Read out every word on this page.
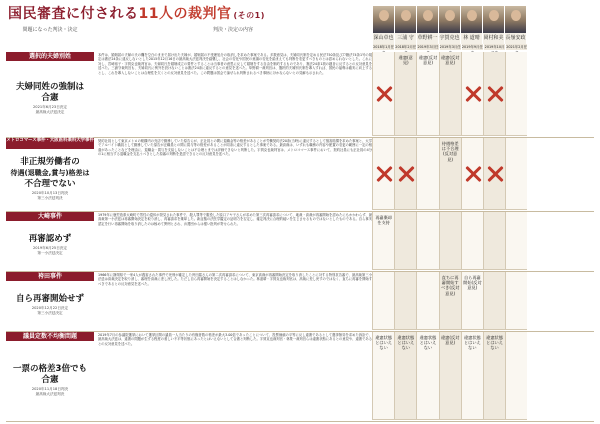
国民審査に付される11人の裁判官 (その1)
問題になった判決・決定	判決・決定の内容
深山卓也 三浦 守 草野耕一 宇賀克也 林 道晴 岡村和美 長嶺安政
2018年1月任 2018年2月任 2019年3月任 2019年3月任 2019年9月任 2019年10月 2021年2月任
選択的夫婦別姓
夫婦同姓の強制は
合憲
2021年6月23日決定
最高裁大法廷決定
本件は、婚姻届の夫婦の氏の欄を空白のままで届け出た夫婦が、婚姻届の不受理処分の取消しを求めた事案である。多数意見は、夫婦同氏制を定める民法750条及び戸籍法74条1号の規定は憲法24条に違反しないとした2015年12月16日の最高裁大法廷判決を踏襲し、社会の変化や国民の意識の変化を踏まえても判断を変更すべきものとは認められないとした。これに対し、宮崎裕子・宇賀克也裁判官は、夫婦同氏を婚姻成立の要件とすることは当事者の意思に反して婚姻をする自由を制約するものであり、憲法24条1項の趣旨に反するとの反対意見を述べた。三浦守裁判官も、夫婦同氏に例外を設けないことは憲法24条に違反するとの意見を述べた。草野耕一裁判官は、選択的夫婦別氏制を導入すれば、国民の福利は確実に向上するとし、これを導入しないことは合理性を欠くとの反対意見を述べた。この問題は国会で論ぜられ判断されるべき事柄にほかならないとの見解も示された。
違憲(意見)
違憲(反対意見)
違憲(反対意見)
メトロコマース事件・大阪医科薬科大学事件
非正規労働者の
待遇(退職金,賞与)格差は
不合理でない
2020年10月13日判決
第三小法廷判決
契約社員として東京メトロの駅構内の売店で勤務していた原告らが、正社員との間に退職金等の格差があることが労働契約法20条(当時)に違反するとして損害賠償を求めた事案と、大学でアルバイト職員として勤務していた原告が正職員との間に賞与等の格差があることが同条に違反するとした事案である。最高裁は、いずれも職務の内容や配置の変更の範囲に一定の相違があったことなどを理由に、退職金・賞与を支給しないことは不合理とまでは評価できないと判断した。宇賀克也裁判官は、メトロコマース事件において、契約社員にも正社員の4分の1に相当する退職金を支払うべきとした原審の判断を是認できるとの反対意見を述べた。
待遇格差は不合理(反対意見)
大崎事件
再審認めず
2019年6月25日決定
第一小法廷決定
1979年に鹿児島県大崎町で男性の遺体が発見された事件で、殺人罪等で服役した原口アヤ子さんが求めた第三次再審請求について、地裁・高裁が再審開始を認めたにもかかわらず、最高裁第一小法廷は再審開始決定を取り消し、再審請求を棄却した。新証拠の法医学鑑定の証明力を否定し、確定判決に合理的疑いを生じさせるものではないとしたものである。自ら事実認定を行い再審開始を取り消したのは極めて異例とされ、弁護団からは強い批判が寄せられた。
再審棄却を支持
袴田事件
自ら再審開始せず
2020年12月22日決定
第三小法廷決定
1966年に静岡県で一家4人が殺害された事件で死刑が確定した袴田巖さんの第二次再審請求について、東京高裁が再審開始決定を取り消したことに対する特別抗告審で、最高裁第三小法廷は高裁決定を取り消し、審理を高裁に差し戻した。ただし自ら再審開始を決定することはしなかった。林道晴・宇賀克也裁判官は、高裁に差し戻すのではなく、直ちに再審を開始すべきであるとの反対意見を述べた。
直ちに再審開始すべき(反対意見)
自ら再審開始(反対意見)
議員定数不均衡問題
一票の格差3倍でも
合憲
2020年11月18日判決
最高裁大法廷判決
2019年7月の参議院選挙において選挙区間の議員一人当たりの有権者数の格差が最大3.00倍であったことについて、投票価値の平等に反し違憲であるとして選挙無効を求めた訴訟で、最高裁大法廷は、違憲の問題が生ずる程度の著しい不平等状態にあったとはいえないとして合憲と判断した。宇賀克也裁判官・林景一裁判官らは違憲状態にあるとの意見や、違憲であるとの反対意見を述べた。
違憲状態とはいえない
違憲状態とはいえない
違憲状態とはいえない
違憲(反対意見)
違憲状態とはいえない
違憲状態とはいえない
